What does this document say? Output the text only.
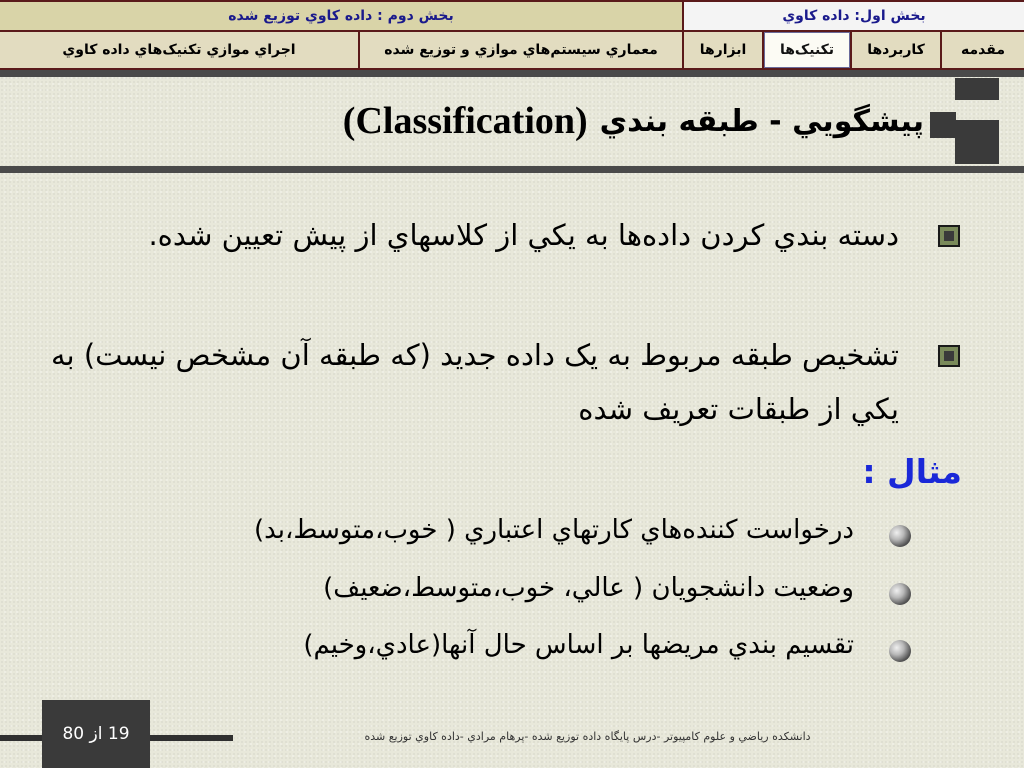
بخش دوم : داده کاوي توزيع شده	بخش اول: داده کاوي
اجراي موازي تکنيک‌هاي داده کاوي	معماري سيستم‌هاي موازي و توزيع شده	ابزارها	تکنيک‌ها	کاربردها	مقدمه
پيشگويي - طبقه بندي
(Classification)
دسته بندي كردن داده‌ها به يكي از كلاسهاي از پيش تعيين شده.
تشخيص طبقه مربوط به يک داده جديد (که طبقه آن مشخص نيست) به يكي از طبقات تعريف شده
مثال :
درخواست كننده‌هاي كارتهاي اعتباري ( خوب،متوسط،بد)
وضعيت دانشجويان ( عالي، خوب،متوسط،ضعيف)
تقسيم بندي مريضها بر اساس حال آنها(عادي،وخيم)
19 از 80	دانشکده رياضي و علوم کامپيوتر -درس پايگاه داده توزيع شده -پرهام مرادي -داده کاوي توزيع شده
